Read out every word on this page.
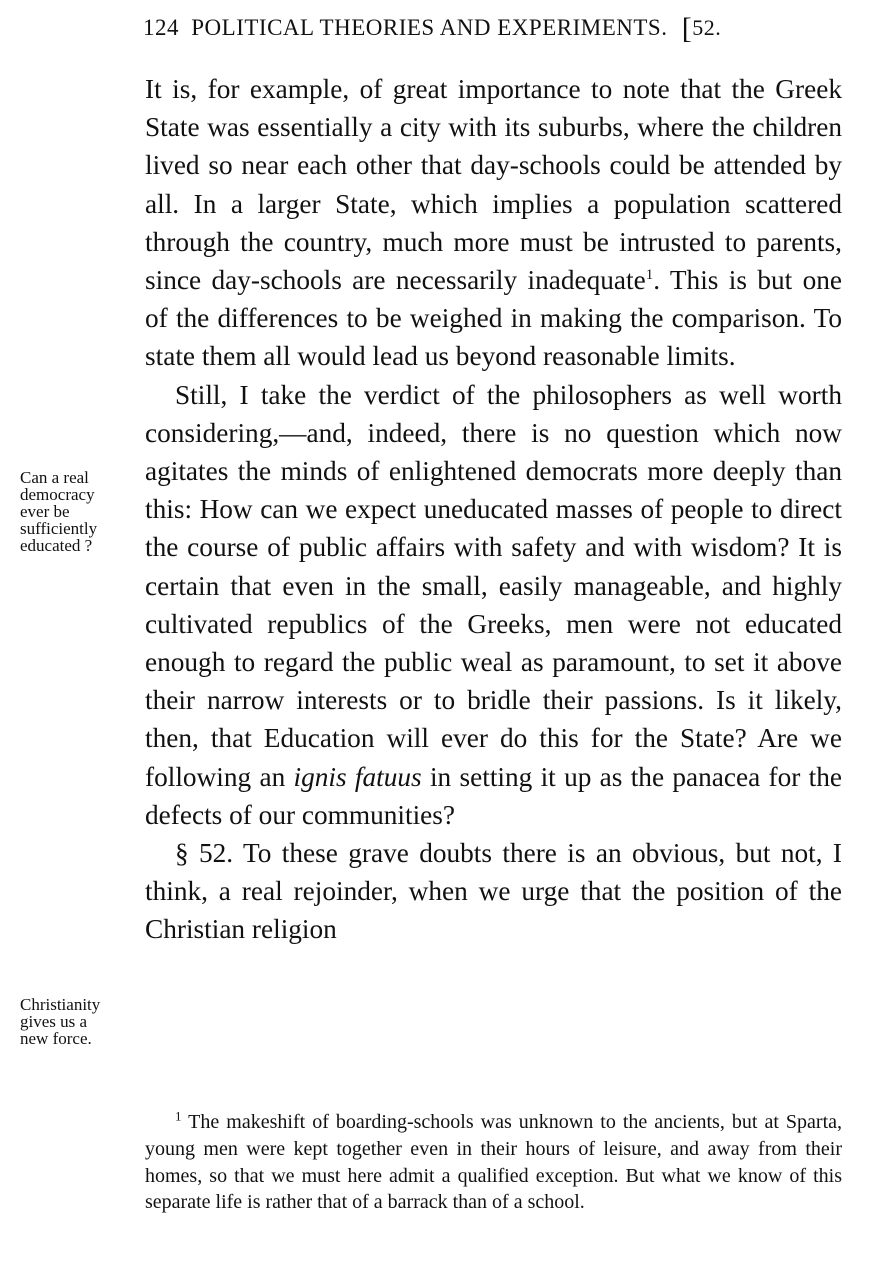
124 POLITICAL THEORIES AND EXPERIMENTS. [52.
Can a real
democracy
ever be
sufficiently
educated ?
Christianity
gives us a
new force.

It is, for example, of great importance to note that the Greek State was essentially a city with its suburbs, where the children lived so near each other that day-schools could be attended by all. In a larger State, which implies a population scattered through the country, much more must be intrusted to parents, since day-schools are necessarily inadequate$^1$. This is but one of the differences to be weighed in making the comparison. To state them all would lead us beyond reasonable limits.

Still, I take the verdict of the philosophers as well worth considering,—and, indeed, there is no question which now agitates the minds of enlightened democrats more deeply than this: How can we expect uneducated masses of people to direct the course of public affairs with safety and with wisdom? It is certain that even in the small, easily manageable, and highly cultivated republics of the Greeks, men were not educated enough to regard the public weal as paramount, to set it above their narrow interests or to bridle their passions. Is it likely, then, that Education will ever do this for the State? Are we following an ignis fatuus in setting it up as the panacea for the defects of our communities?

§ 52. To these grave doubts there is an obvious, but not, I think, a real rejoinder, when we urge that the position of the Christian religion

$^1$ The makeshift of boarding-schools was unknown to the ancients, but at Sparta, young men were kept together even in their hours of leisure, and away from their homes, so that we must here admit a qualified exception. But what we know of this separate life is rather that of a barrack than of a school.
